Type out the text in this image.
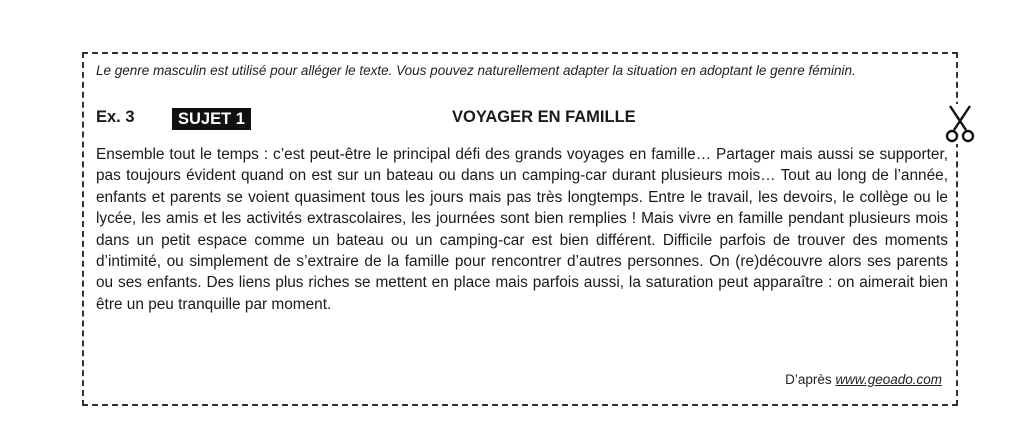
Le genre masculin est utilisé pour alléger le texte. Vous pouvez naturellement adapter la situation en adoptant le genre féminin.
Ex. 3	SUJET 1	VOYAGER EN FAMILLE
Ensemble tout le temps : c’est peut-être le principal défi des grands voyages en famille… Partager mais aussi se supporter, pas toujours évident quand on est sur un bateau ou dans un camping-car durant plusieurs mois… Tout au long de l’année, enfants et parents se voient quasiment tous les jours mais pas très longtemps. Entre le travail, les devoirs, le collège ou le lycée, les amis et les activités extrascolaires, les journées sont bien remplies ! Mais vivre en famille pendant plusieurs mois dans un petit espace comme un bateau ou un camping-car est bien différent. Difficile parfois de trouver des moments d’intimité, ou simplement de s’extraire de la famille pour rencontrer d’autres personnes. On (re)découvre alors ses parents ou ses enfants. Des liens plus riches se mettent en place mais parfois aussi, la saturation peut apparaître : on aimerait bien être un peu tranquille par moment.
D’après www.geoado.com
